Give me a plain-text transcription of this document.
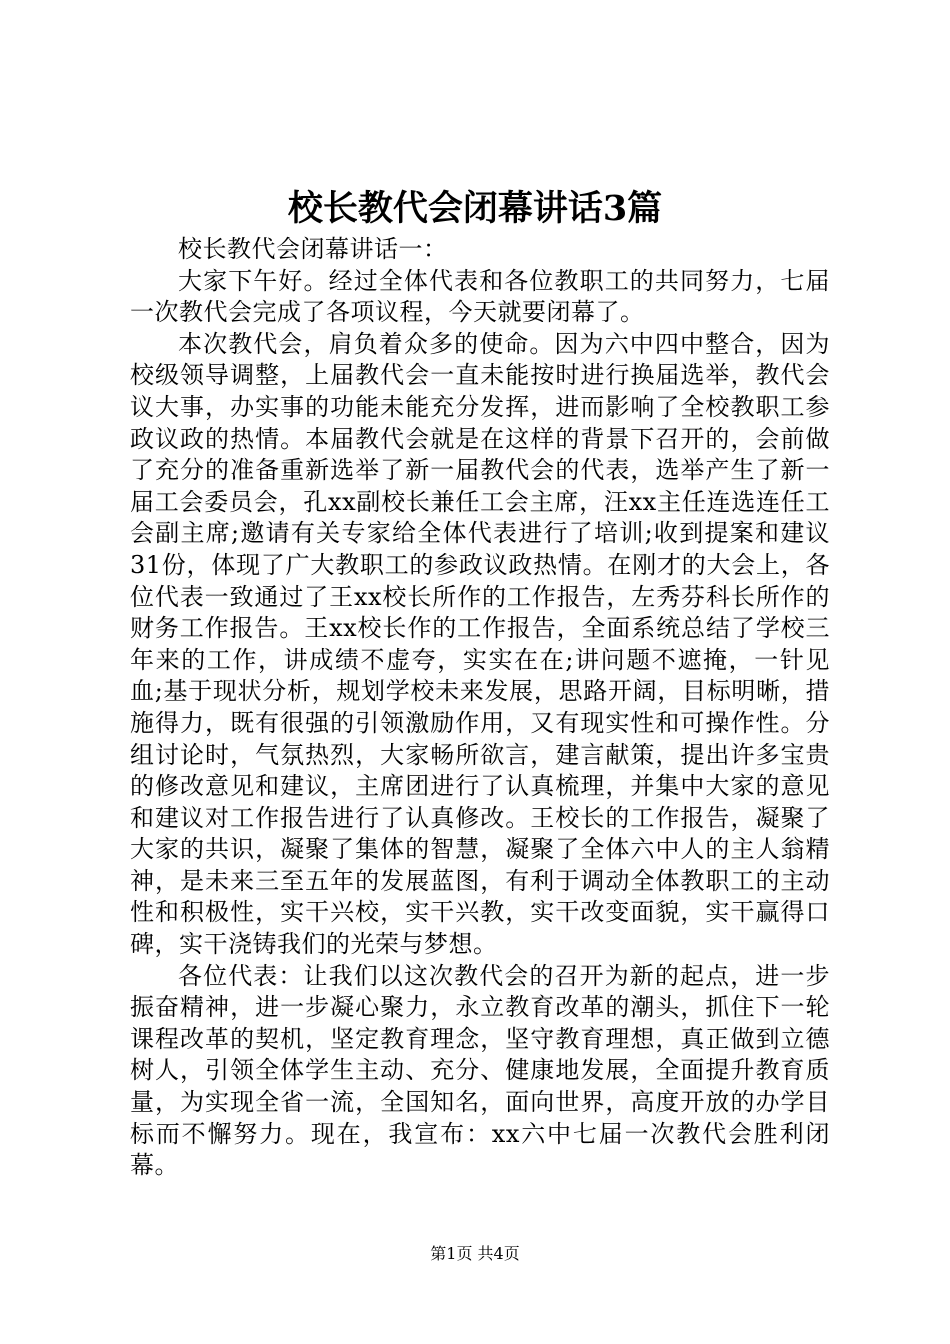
校长教代会闭幕讲话3篇

校长教代会闭幕讲话一：

大家下午好。经过全体代表和各位教职工的共同努力，七届一次教代会完成了各项议程，今天就要闭幕了。

本次教代会，肩负着众多的使命。因为六中四中整合，因为校级领导调整，上届教代会一直未能按时进行换届选举，教代会议大事，办实事的功能未能充分发挥，进而影响了全校教职工参政议政的热情。本届教代会就是在这样的背景下召开的，会前做了充分的准备重新选举了新一届教代会的代表，选举产生了新一届工会委员会，孔xx副校长兼任工会主席，汪xx主任连选连任工会副主席;邀请有关专家给全体代表进行了培训;收到提案和建议31份，体现了广大教职工的参政议政热情。在刚才的大会上，各位代表一致通过了王xx校长所作的工作报告，左秀芬科长所作的财务工作报告。王xx校长作的工作报告，全面系统总结了学校三年来的工作，讲成绩不虚夸，实实在在;讲问题不遮掩，一针见血;基于现状分析，规划学校未来发展，思路开阔，目标明晰，措施得力，既有很强的引领激励作用，又有现实性和可操作性。分组讨论时，气氛热烈，大家畅所欲言，建言献策，提出许多宝贵的修改意见和建议，主席团进行了认真梳理，并集中大家的意见和建议对工作报告进行了认真修改。王校长的工作报告，凝聚了大家的共识，凝聚了集体的智慧，凝聚了全体六中人的主人翁精神，是未来三至五年的发展蓝图，有利于调动全体教职工的主动性和积极性，实干兴校，实干兴教，实干改变面貌，实干赢得口碑，实干浇铸我们的光荣与梦想。

各位代表：让我们以这次教代会的召开为新的起点，进一步振奋精神，进一步凝心聚力，永立教育改革的潮头，抓住下一轮课程改革的契机，坚定教育理念，坚守教育理想，真正做到立德树人，引领全体学生主动、充分、健康地发展，全面提升教育质量，为实现全省一流，全国知名，面向世界，高度开放的办学目标而不懈努力。现在，我宣布：xx六中七届一次教代会胜利闭幕。

第1页 共4页
